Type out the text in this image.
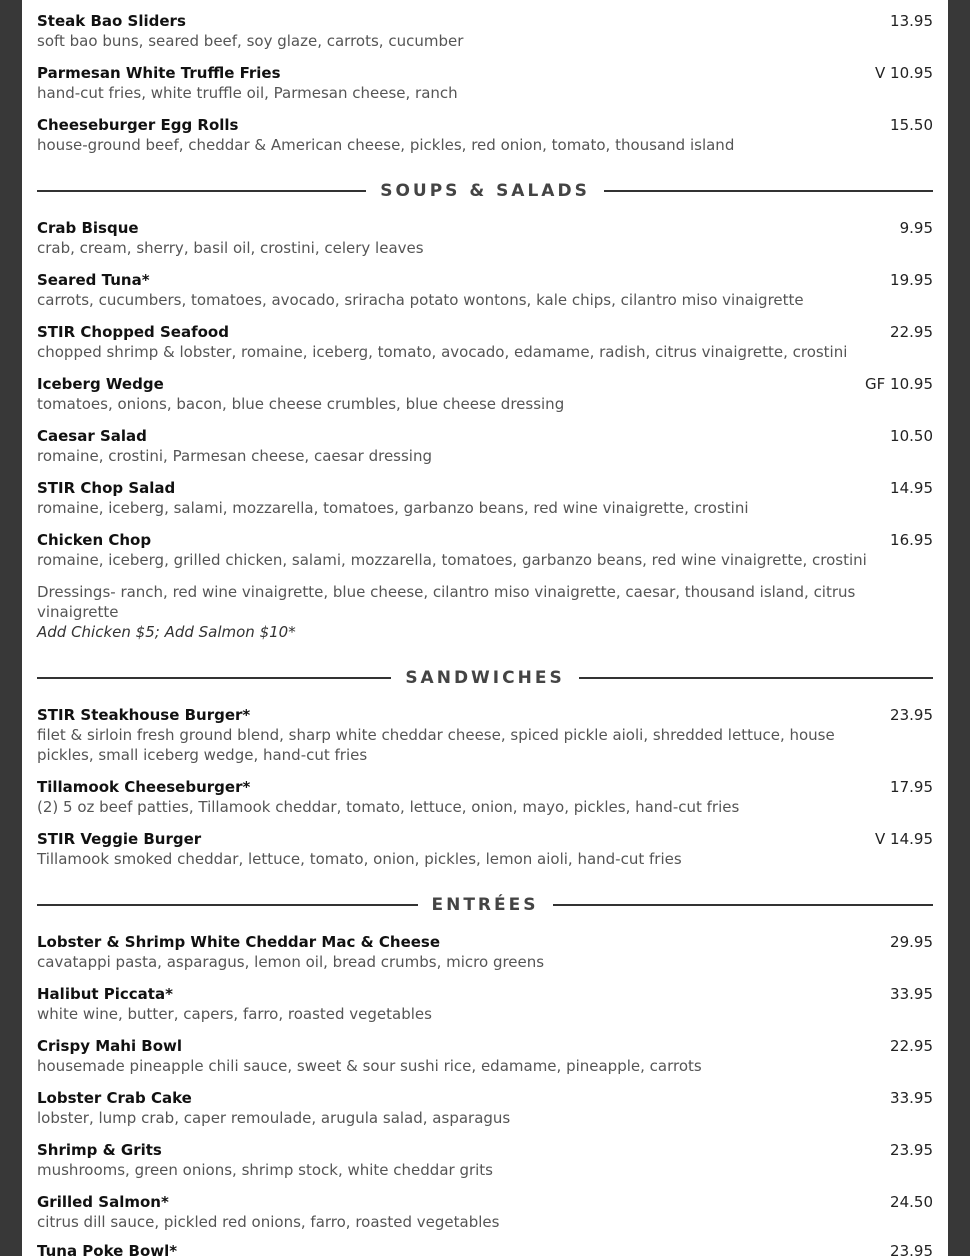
Steak Bao Sliders	13.95
soft bao buns, seared beef, soy glaze, carrots, cucumber
Parmesan White Truffle Fries	V 10.95
hand-cut fries, white truffle oil, Parmesan cheese, ranch
Cheeseburger Egg Rolls	15.50
house-ground beef, cheddar & American cheese, pickles, red onion, tomato, thousand island
SOUPS & SALADS
Crab Bisque	9.95
crab, cream, sherry, basil oil, crostini, celery leaves
Seared Tuna*	19.95
carrots, cucumbers, tomatoes, avocado, sriracha potato wontons, kale chips, cilantro miso vinaigrette
STIR Chopped Seafood	22.95
chopped shrimp & lobster, romaine, iceberg, tomato, avocado, edamame, radish, citrus vinaigrette, crostini
Iceberg Wedge	GF 10.95
tomatoes, onions, bacon, blue cheese crumbles, blue cheese dressing
Caesar Salad	10.50
romaine, crostini, Parmesan cheese, caesar dressing
STIR Chop Salad	14.95
romaine, iceberg, salami, mozzarella, tomatoes, garbanzo beans, red wine vinaigrette, crostini
Chicken Chop	16.95
romaine, iceberg, grilled chicken, salami, mozzarella, tomatoes, garbanzo beans, red wine vinaigrette, crostini
Dressings- ranch, red wine vinaigrette, blue cheese, cilantro miso vinaigrette, caesar, thousand island, citrus vinaigrette
Add Chicken $5; Add Salmon $10*
SANDWICHES
STIR Steakhouse Burger*	23.95
filet & sirloin fresh ground blend, sharp white cheddar cheese, spiced pickle aioli, shredded lettuce, house pickles, small iceberg wedge, hand-cut fries
Tillamook Cheeseburger*	17.95
(2) 5 oz beef patties, Tillamook cheddar, tomato, lettuce, onion, mayo, pickles, hand-cut fries
STIR Veggie Burger	V 14.95
Tillamook smoked cheddar, lettuce, tomato, onion, pickles, lemon aioli, hand-cut fries
ENTRÉES
Lobster & Shrimp White Cheddar Mac & Cheese	29.95
cavatappi pasta, asparagus, lemon oil, bread crumbs, micro greens
Halibut Piccata*	33.95
white wine, butter, capers, farro, roasted vegetables
Crispy Mahi Bowl	22.95
housemade pineapple chili sauce, sweet & sour sushi rice, edamame, pineapple, carrots
Lobster Crab Cake	33.95
lobster, lump crab, caper remoulade, arugula salad, asparagus
Shrimp & Grits	23.95
mushrooms, green onions, shrimp stock, white cheddar grits
Grilled Salmon*	24.50
citrus dill sauce, pickled red onions, farro, roasted vegetables
Tuna Poke Bowl*	23.95
